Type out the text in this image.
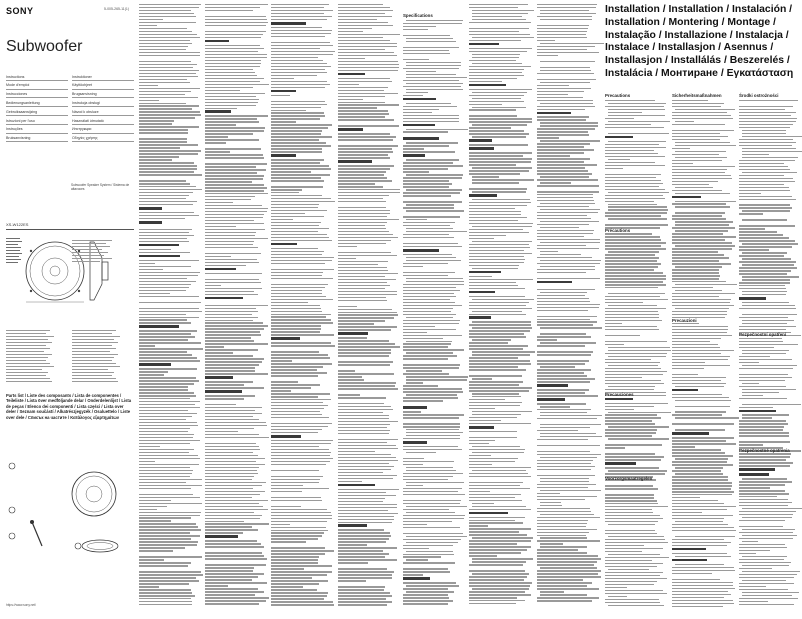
SONY	5-005-265-11(1)
Subwoofer
Instructions	Instruktioner
Mode d'emploi	Käyttöohjeet
Instrucciones	Brugsanvisning
Bedienungsanleitung	Instrukcja obsługi
Gebruiksaanwijzing	Návod k obsluze
Istruzioni per l'uso	Használati útmutató
Instruções	Инструкции
Bruksanvisning	Οδηγίες χρήσης
XS-W122ES
Parts list / Liste des composants / Lista de componentes / Teileliste / Lista över medföljande delar / Onderdelenlijst / Lista de peças / Elenco dei componenti / Lista części / Lista over deler / Seznam součástí / Alkatrészjegyzék / Osaluettelo / Liste over dele / Списък на частите / Κατάλογος εξαρτημάτων
https://www.sony.net/
Subwoofer Speaker System / Sistema de altavoces
Installation / Installation / Instalación / Installation / Montering / Montage / Instalação / Installazione / Instalacja / Instalace / Installasjon / Asennus / Installasjon / Installálás / Beszerelés / Instalácia / Монтиране / Εγκατάσταση
Specifications
Precautions	Sicherheitsmaßnahmen	Środki ostrożności
Précautions
Precauzioni
Precauciones
Bezpečnostní opatření
Bezpečnostné opatrenia
Voorzorgsmaatregelen
